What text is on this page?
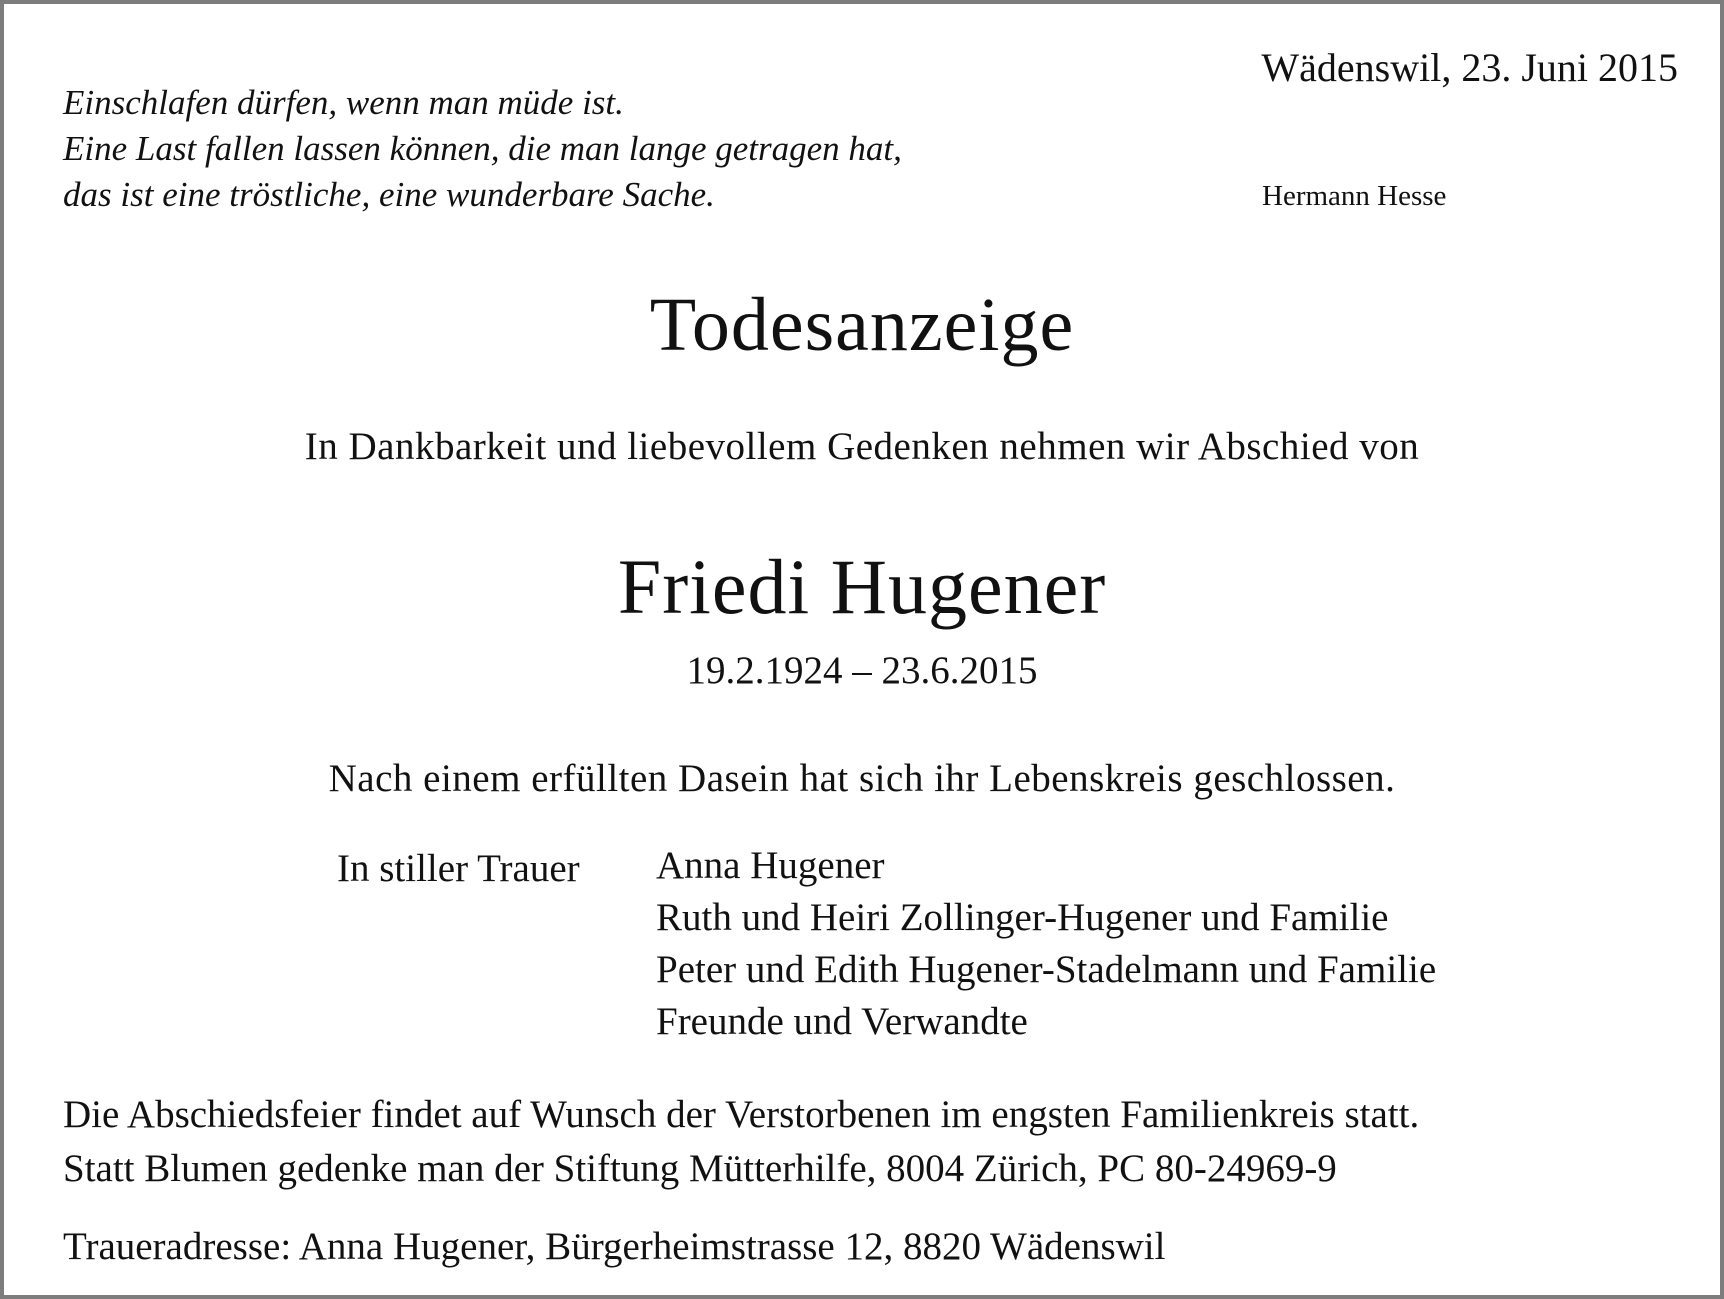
Wädenswil, 23. Juni 2015
Einschlafen dürfen, wenn man müde ist.
Eine Last fallen lassen können, die man lange getragen hat,
das ist eine tröstliche, eine wunderbare Sache.	Hermann Hesse
Todesanzeige
In Dankbarkeit und liebevollem Gedenken nehmen wir Abschied von
Friedi Hugener
19.2.1924 – 23.6.2015
Nach einem erfüllten Dasein hat sich ihr Lebenskreis geschlossen.
In stiller Trauer Anna Hugener
Ruth und Heiri Zollinger-Hugener und Familie
Peter und Edith Hugener-Stadelmann und Familie
Freunde und Verwandte
Die Abschiedsfeier findet auf Wunsch der Verstorbenen im engsten Familienkreis statt.
Statt Blumen gedenke man der Stiftung Mütterhilfe, 8004 Zürich, PC 80-24969-9
Traueradresse: Anna Hugener, Bürgerheimstrasse 12, 8820 Wädenswil
